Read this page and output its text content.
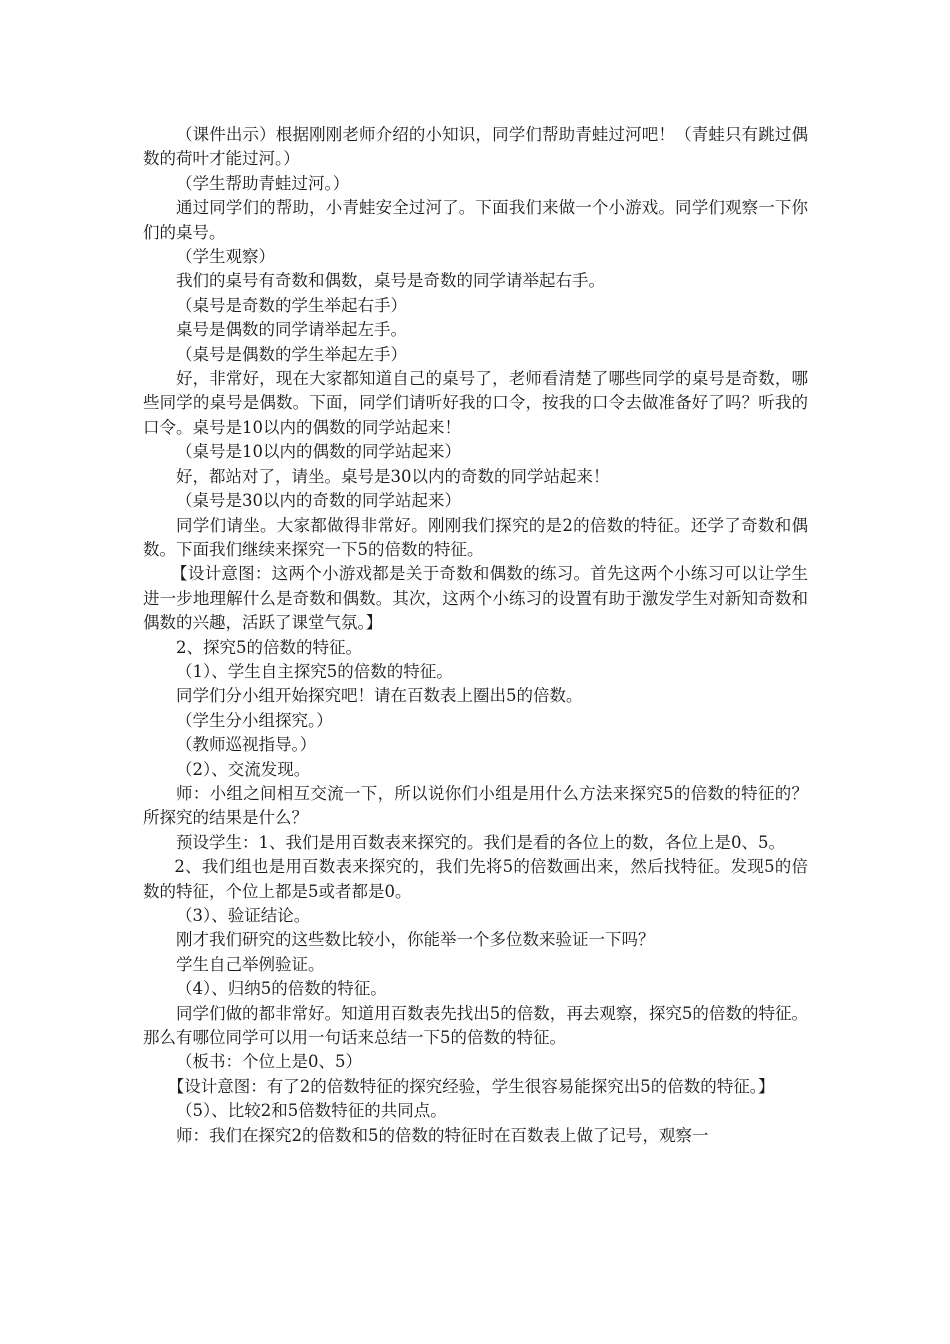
（课件出示）根据刚刚老师介绍的小知识，同学们帮助青蛙过河吧！（青蛙只有跳过偶数的荷叶才能过河。）

（学生帮助青蛙过河。）

通过同学们的帮助，小青蛙安全过河了。下面我们来做一个小游戏。同学们观察一下你们的桌号。

（学生观察）

我们的桌号有奇数和偶数，桌号是奇数的同学请举起右手。

（桌号是奇数的学生举起右手）

桌号是偶数的同学请举起左手。

（桌号是偶数的学生举起左手）

好，非常好，现在大家都知道自己的桌号了，老师看清楚了哪些同学的桌号是奇数，哪些同学的桌号是偶数。下面，同学们请听好我的口令，按我的口令去做准备好了吗？听我的口令。桌号是10以内的偶数的同学站起来！

（桌号是10以内的偶数的同学站起来）

好，都站对了，请坐。桌号是30以内的奇数的同学站起来！

（桌号是30以内的奇数的同学站起来）

同学们请坐。大家都做得非常好。刚刚我们探究的是2的倍数的特征。还学了奇数和偶数。下面我们继续来探究一下5的倍数的特征。

【设计意图：这两个小游戏都是关于奇数和偶数的练习。首先这两个小练习可以让学生进一步地理解什么是奇数和偶数。其次，这两个小练习的设置有助于激发学生对新知奇数和偶数的兴趣，活跃了课堂气氛。】

2、探究5的倍数的特征。

（1）、学生自主探究5的倍数的特征。

同学们分小组开始探究吧！请在百数表上圈出5的倍数。

（学生分小组探究。）

（教师巡视指导。）

（2）、交流发现。

师：小组之间相互交流一下，所以说你们小组是用什么方法来探究5的倍数的特征的？所探究的结果是什么？

预设学生：1、我们是用百数表来探究的。我们是看的各位上的数，各位上是0、5。

2、我们组也是用百数表来探究的，我们先将5的倍数画出来，然后找特征。发现5的倍数的特征，个位上都是5或者都是0。

（3）、验证结论。

刚才我们研究的这些数比较小，你能举一个多位数来验证一下吗？

学生自己举例验证。

（4）、归纳5的倍数的特征。

同学们做的都非常好。知道用百数表先找出5的倍数，再去观察，探究5的倍数的特征。那么有哪位同学可以用一句话来总结一下5的倍数的特征。

（板书：个位上是0、5）

【设计意图：有了2的倍数特征的探究经验，学生很容易能探究出5的倍数的特征。】

（5）、比较2和5倍数特征的共同点。

师：我们在探究2的倍数和5的倍数的特征时在百数表上做了记号，观察一
